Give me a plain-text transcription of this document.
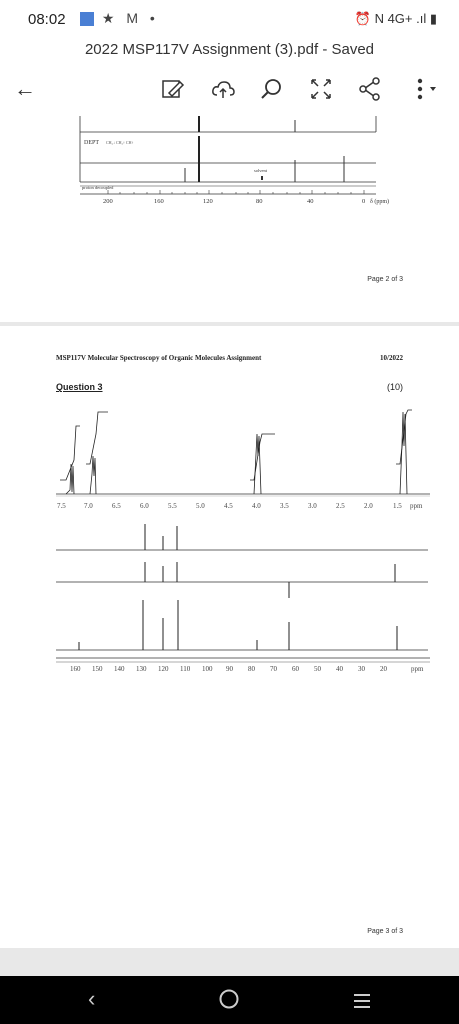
08:02	★ M •	⏰ N 4G+ .ıl ▮
2022 MSP117V Assignment (3).pdf - Saved
←
DEPT CH₃↓ CH₂↑ CH↑
solvent
proton decoupled
200	160	120	80	40	0 δ (ppm)
Page 2 of 3
MSP117V Molecular Spectroscopy of Organic Molecules Assignment	10/2022
Question 3	(10)
7.5	7.0	6.5	6.0	5.5	5.0	4.5	4.0	3.5	3.0	2.5	2.0	1.5 ppm
160 150 140 130 120 110 100 90 80 70 60 50 40 30 20	ppm
Page 3 of 3
‹
